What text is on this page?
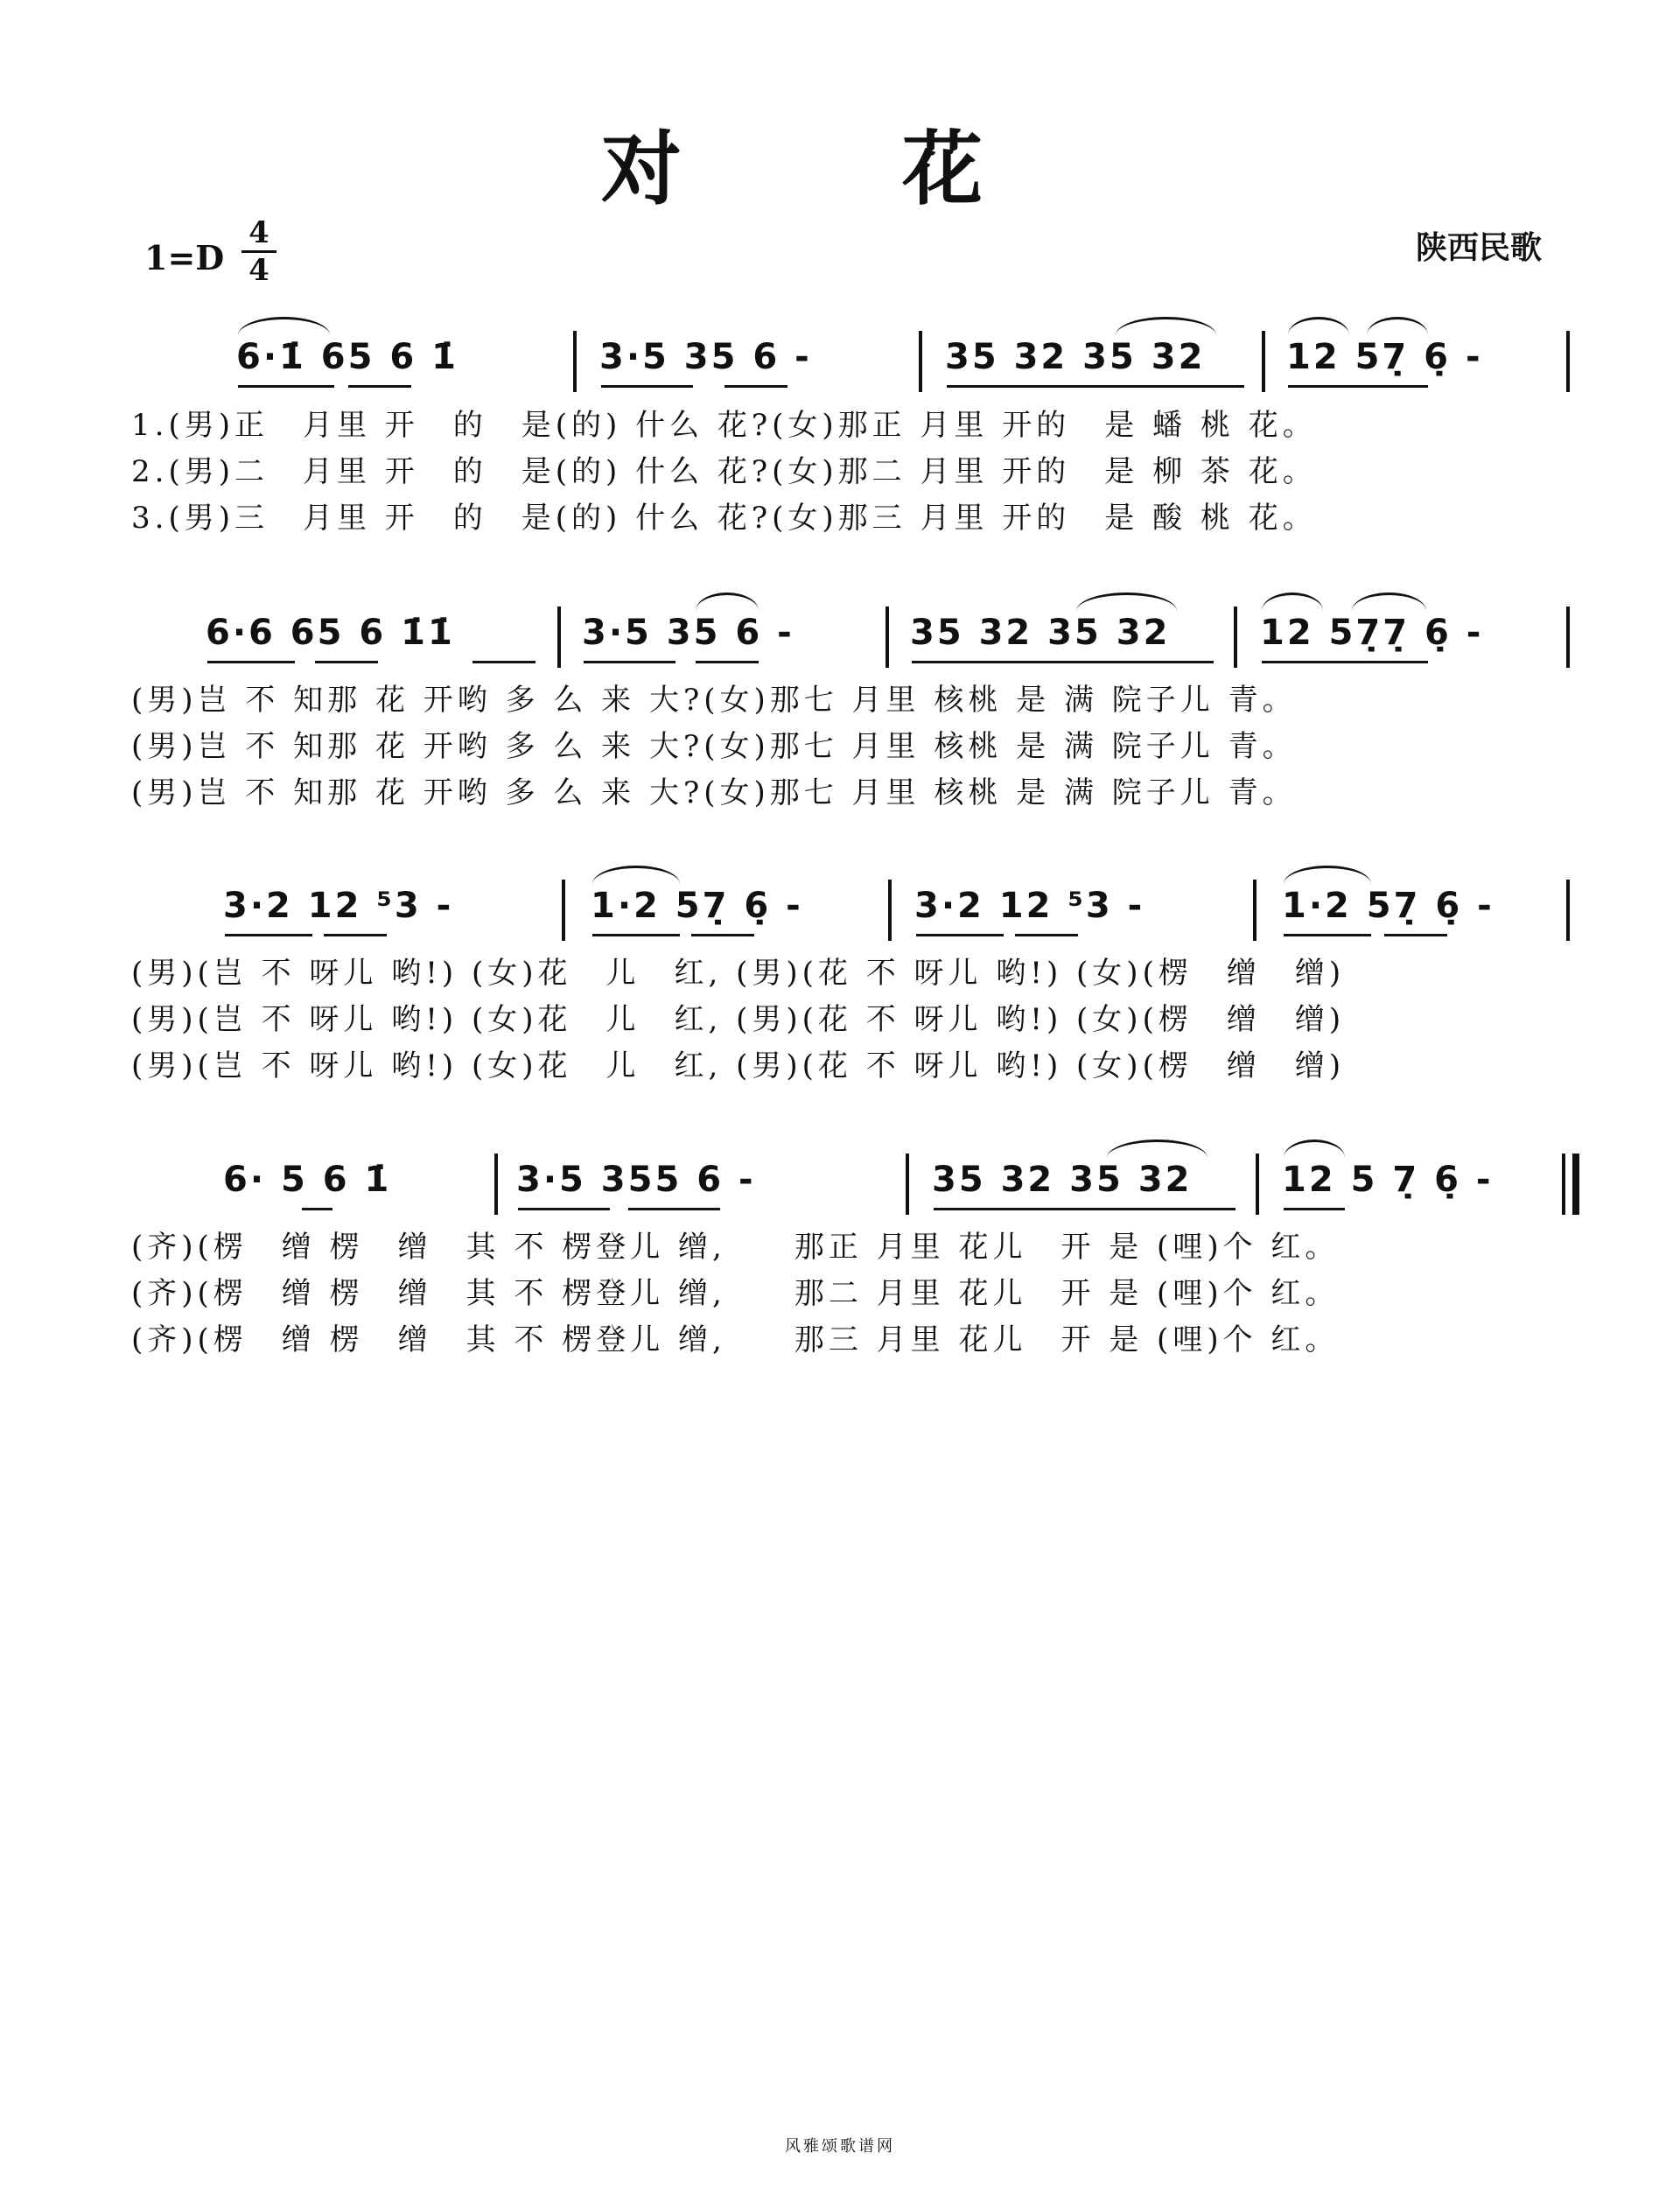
对 花
1=D
4
4
陕西民歌
6·1̇ 65 6 1̇	3·5 35 6 -	35 32 35 32 12 57̣ 6̣ -
1.(男)正　月里 开　的　是(的) 什么 花?(女)那正 月里 开的　是 蟠 桃 花。
2.(男)二　月里 开　的　是(的) 什么 花?(女)那二 月里 开的　是 柳 茶 花。
3.(男)三　月里 开　的　是(的) 什么 花?(女)那三 月里 开的　是 酸 桃 花。
6·6 65 6 1̇1̇	3·5 35 6 -	35 32 35 32	12 57̣7̣ 6̣ -
(男)岂 不 知那 花 开哟 多 么 来 大?(女)那七 月里 核桃 是 满 院子儿 青。
(男)岂 不 知那 花 开哟 多 么 来 大?(女)那七 月里 核桃 是 满 院子儿 青。
(男)岂 不 知那 花 开哟 多 么 来 大?(女)那七 月里 核桃 是 满 院子儿 青。
3·2 12 ⁵3 -	1·2 57̣ 6̣ -	3·2 12 ⁵3 -	1·2 57̣ 6̣ -
(男)(岂 不 呀儿 哟!) (女)花　儿　红, (男)(花 不 呀儿 哟!) (女)(楞　缯　缯)
(男)(岂 不 呀儿 哟!) (女)花　儿　红, (男)(花 不 呀儿 哟!) (女)(楞　缯　缯)
(男)(岂 不 呀儿 哟!) (女)花　儿　红, (男)(花 不 呀儿 哟!) (女)(楞　缯　缯)
6· 5 6 1̇	3·5 355 6 -	35 32 35 32	12 5 7̣ 6̣ -
(齐)(楞　缯 楞　缯　其 不 楞登儿 缯,　　那正 月里 花儿　开 是 (哩)个 红。
(齐)(楞　缯 楞　缯　其 不 楞登儿 缯,　　那二 月里 花儿　开 是 (哩)个 红。
(齐)(楞　缯 楞　缯　其 不 楞登儿 缯,　　那三 月里 花儿　开 是 (哩)个 红。
风雅颂歌谱网
